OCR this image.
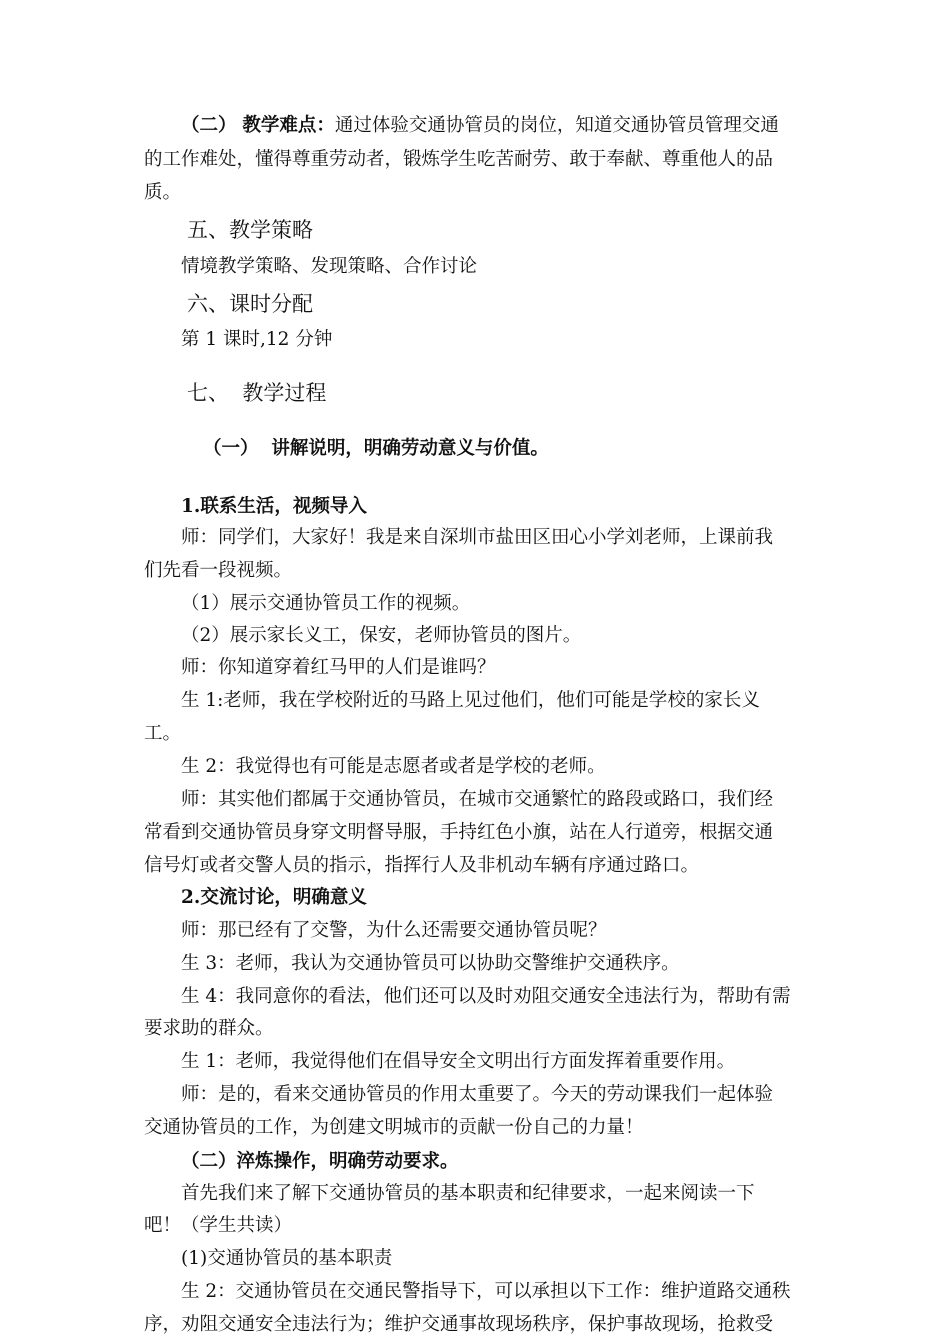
（二） 教学难点：通过体验交通协管员的岗位，知道交通协管员管理交通
的工作难处，懂得尊重劳动者，锻炼学生吃苦耐劳、敢于奉献、尊重他人的品
质。
五、教学策略
情境教学策略、发现策略、合作讨论
六、课时分配
第 1 课时,12 分钟
七、  教学过程
（一）  讲解说明，明确劳动意义与价值。
1.联系生活，视频导入
师：同学们，大家好！我是来自深圳市盐田区田心小学刘老师，上课前我
们先看一段视频。
（1）展示交通协管员工作的视频。
（2）展示家长义工，保安，老师协管员的图片。
师：你知道穿着红马甲的人们是谁吗？
生 1:老师，我在学校附近的马路上见过他们，他们可能是学校的家长义
工。
生 2：我觉得也有可能是志愿者或者是学校的老师。
师：其实他们都属于交通协管员，在城市交通繁忙的路段或路口，我们经
常看到交通协管员身穿文明督导服，手持红色小旗，站在人行道旁，根据交通
信号灯或者交警人员的指示，指挥行人及非机动车辆有序通过路口。
2.交流讨论，明确意义
师：那已经有了交警，为什么还需要交通协管员呢？
生 3：老师，我认为交通协管员可以协助交警维护交通秩序。
生 4：我同意你的看法，他们还可以及时劝阻交通安全违法行为，帮助有需
要求助的群众。
生 1：老师，我觉得他们在倡导安全文明出行方面发挥着重要作用。
师：是的，看来交通协管员的作用太重要了。今天的劳动课我们一起体验
交通协管员的工作，为创建文明城市的贡献一份自己的力量！
（二）淬炼操作，明确劳动要求。
首先我们来了解下交通协管员的基本职责和纪律要求，一起来阅读一下
吧！（学生共读）
(1)交通协管员的基本职责
生 2：交通协管员在交通民警指导下，可以承担以下工作：维护道路交通秩
序，劝阻交通安全违法行为；维护交通事故现场秩序，保护事故现场，抢救受
